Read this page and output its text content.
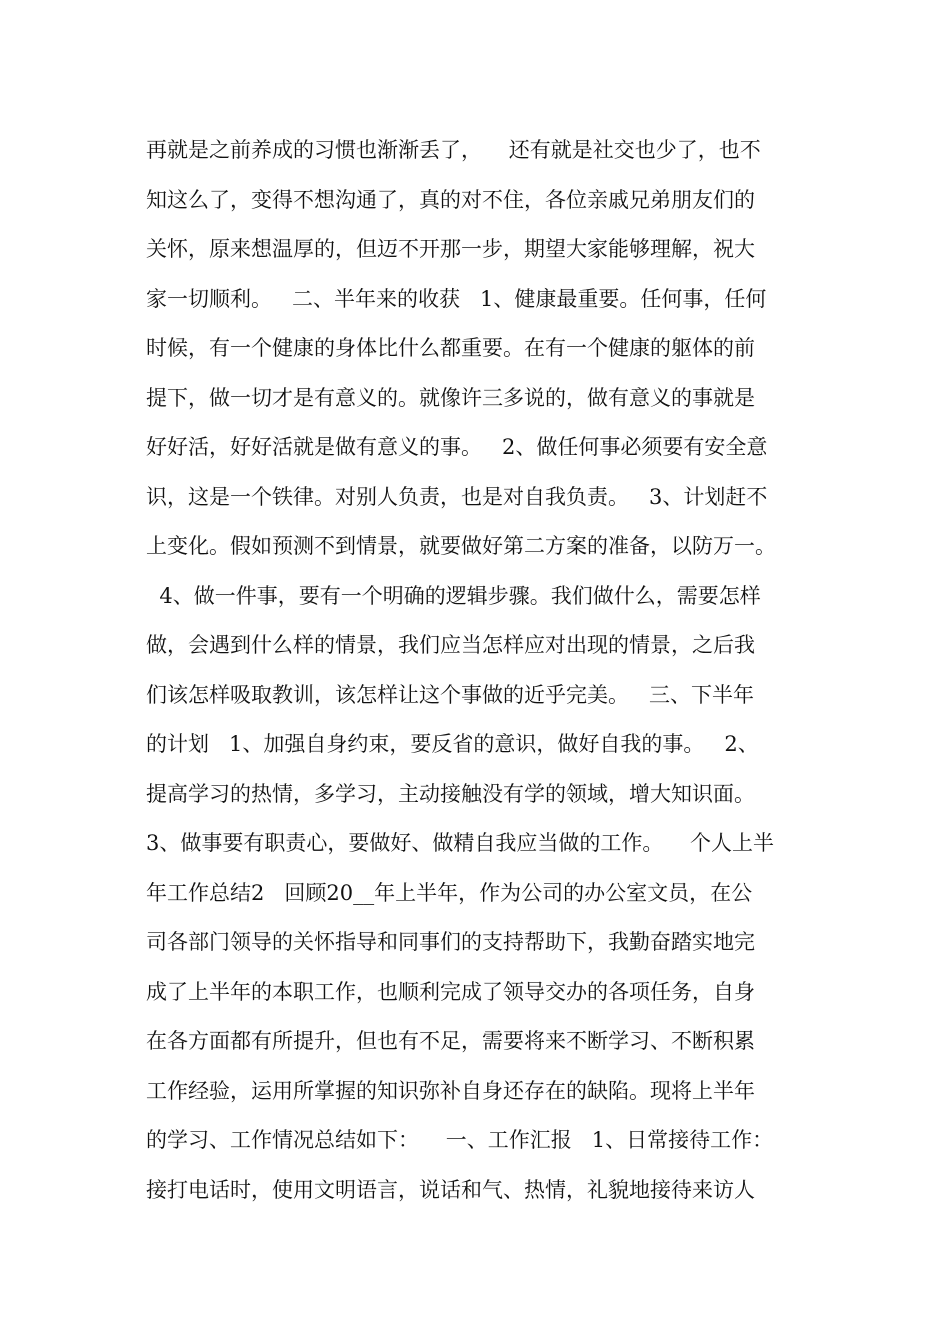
再就是之前养成的习惯也渐渐丢了，    还有就是社交也少了，也不
知这么了，变得不想沟通了，真的对不住，各位亲戚兄弟朋友们的
关怀，原来想温厚的，但迈不开那一步，期望大家能够理解，祝大
家一切顺利。   二、半年来的收获   1、健康最重要。任何事，任何
时候，有一个健康的身体比什么都重要。在有一个健康的躯体的前
提下，做一切才是有意义的。就像许三多说的，做有意义的事就是
好好活，好好活就是做有意义的事。   2、做任何事必须要有安全意
识，这是一个铁律。对别人负责，也是对自我负责。   3、计划赶不
上变化。假如预测不到情景，就要做好第二方案的准备，以防万一。
4、做一件事，要有一个明确的逻辑步骤。我们做什么，需要怎样
做，会遇到什么样的情景，我们应当怎样应对出现的情景，之后我
们该怎样吸取教训，该怎样让这个事做的近乎完美。   三、下半年
的计划   1、加强自身约束，要反省的意识，做好自我的事。   2、
提高学习的热情，多学习，主动接触没有学的领域，增大知识面。
3、做事要有职责心，要做好、做精自我应当做的工作。    个人上半
年工作总结2   回顾20__年上半年，作为公司的办公室文员，在公
司各部门领导的关怀指导和同事们的支持帮助下，我勤奋踏实地完
成了上半年的本职工作，也顺利完成了领导交办的各项任务，自身
在各方面都有所提升，但也有不足，需要将来不断学习、不断积累
工作经验，运用所掌握的知识弥补自身还存在的缺陷。现将上半年
的学习、工作情况总结如下：    一、工作汇报   1、日常接待工作：
接打电话时，使用文明语言，说话和气、热情，礼貌地接待来访人
